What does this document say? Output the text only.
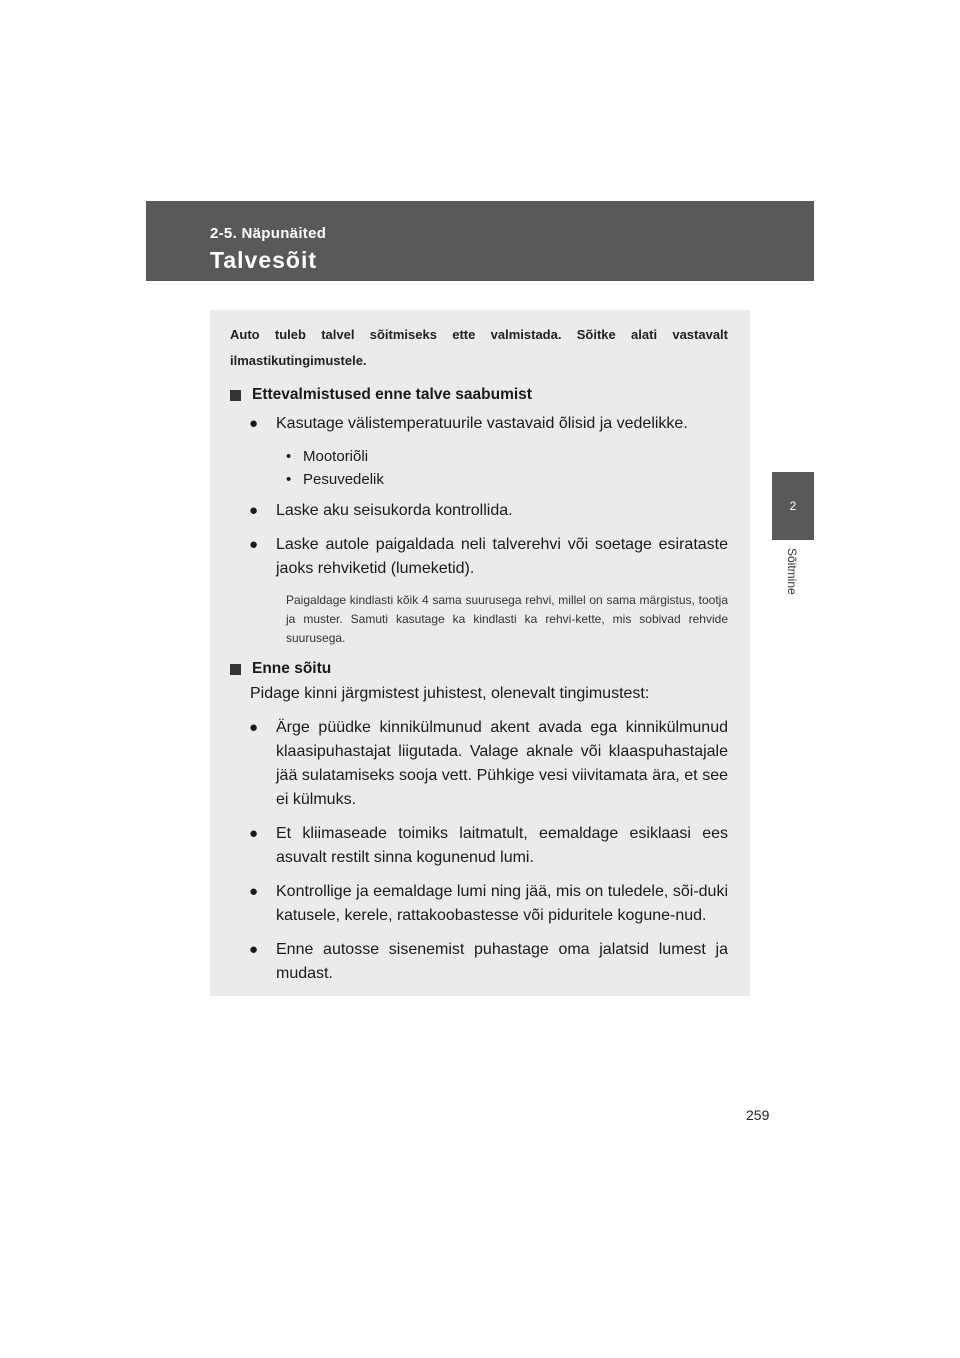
2-5. Näpunäited
Talvesõit
2
Sõitmine

Auto tuleb talvel sõitmiseks ette valmistada. Sõitke alati vastavalt ilmastikutingimustele.

Ettevalmistused enne talve saabumist
●	Kasutage välistemperatuurile vastavaid õlisid ja vedelikke.
• Mootoriõli
• Pesuvedelik
●	Laske aku seisukorda kontrollida.
●	Laske autole paigaldada neli talverehvi või soetage esirataste jaoks rehviketid (lumeketid).
Paigaldage kindlasti kõik 4 sama suurusega rehvi, millel on sama märgistus, tootja ja muster. Samuti kasutage ka kindlasti ka rehvi-kette, mis sobivad rehvide suurusega.
Enne sõitu
Pidage kinni järgmistest juhistest, olenevalt tingimustest:
●	Ärge püüdke kinnikülmunud akent avada ega kinnikülmunud klaasipuhastajat liigutada. Valage aknale või klaaspuhastajale jää sulatamiseks sooja vett. Pühkige vesi viivitamata ära, et see ei külmuks.
●	Et kliimaseade toimiks laitmatult, eemaldage esiklaasi ees asuvalt restilt sinna kogunenud lumi.
●	Kontrollige ja eemaldage lumi ning jää, mis on tuledele, sõi-duki katusele, kerele, rattakoobastesse või piduritele kogune-nud.
●	Enne autosse sisenemist puhastage oma jalatsid lumest ja mudast.
259
